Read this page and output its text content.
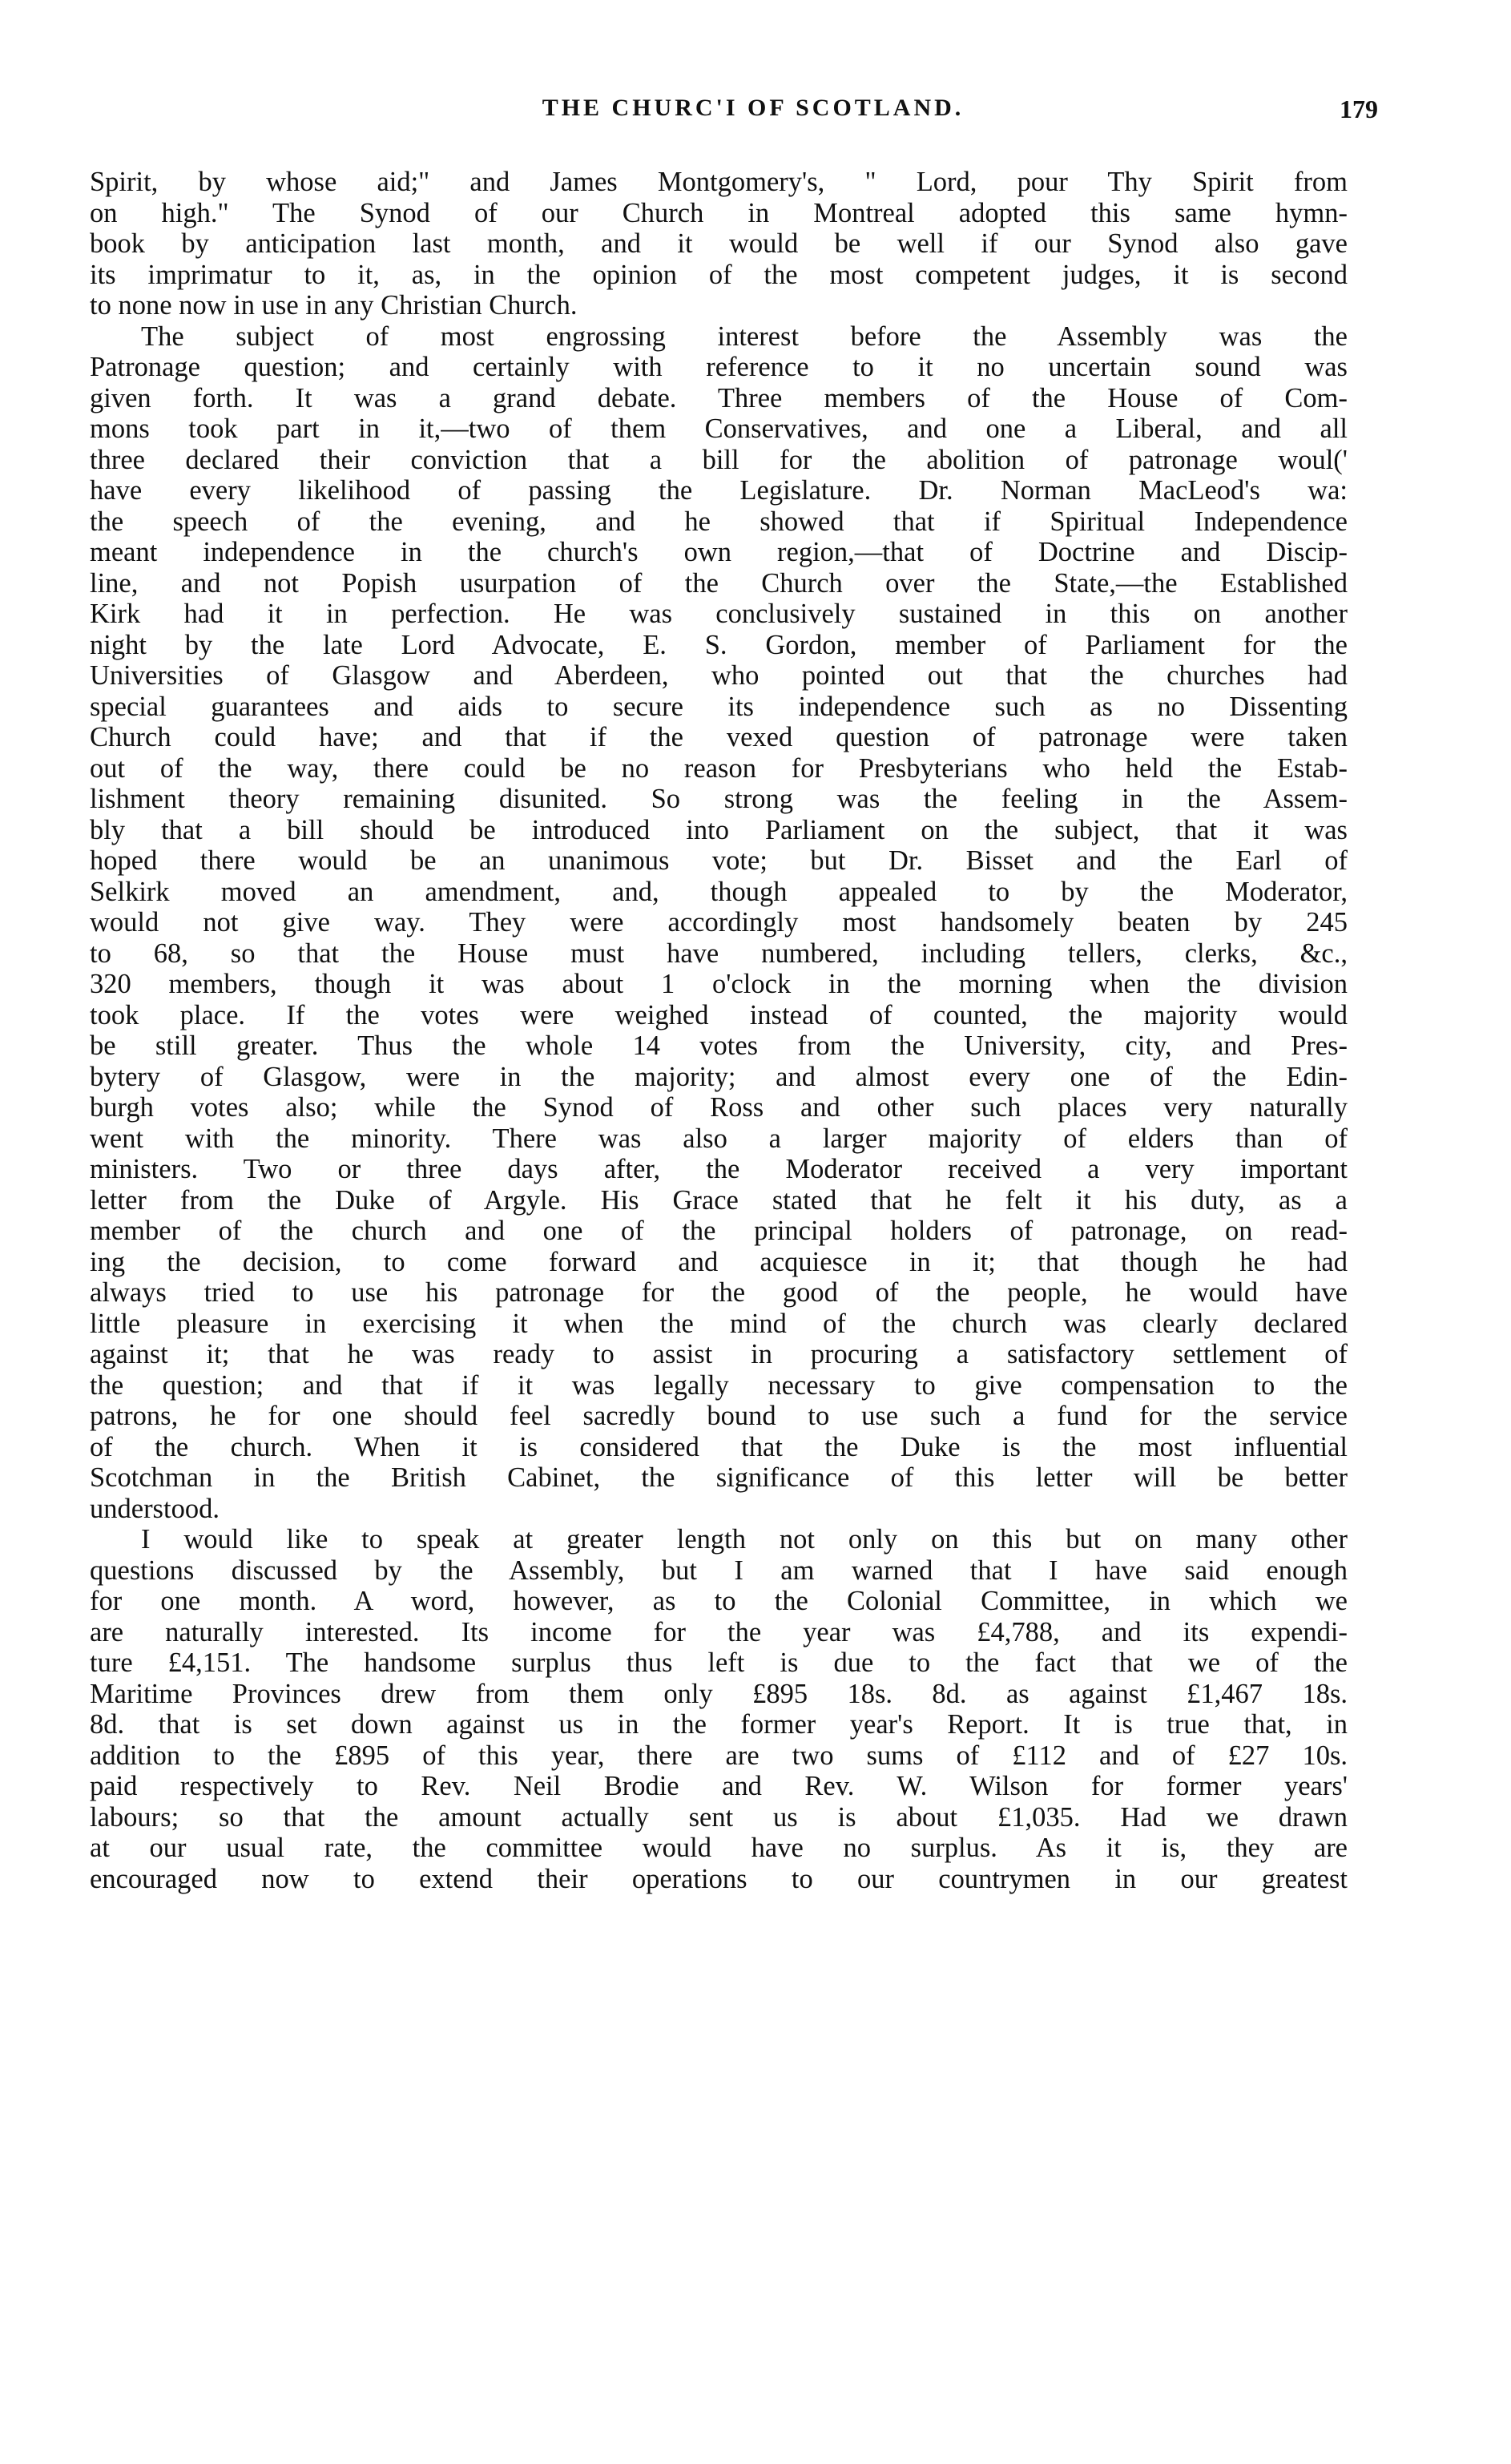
THE CHURC'I OF SCOTLAND.	179
Spirit, by whose aid;" and James Montgomery's, " Lord, pour Thy Spirit from
on high." The Synod of our Church in Montreal adopted this same hymn-
book by anticipation last month, and it would be well if our Synod also gave
its imprimatur to it, as, in the opinion of the most competent judges, it is second
to none now in use in any Christian Church.
The subject of most engrossing interest before the Assembly was the
Patronage question; and certainly with reference to it no uncertain sound was
given forth. It was a grand debate. Three members of the House of Com-
mons took part in it,—two of them Conservatives, and one a Liberal, and all
three declared their conviction that a bill for the abolition of patronage woul('
have every likelihood of passing the Legislature. Dr. Norman MacLeod's wa:
the speech of the evening, and he showed that if Spiritual Independence
meant independence in the church's own region,—that of Doctrine and Discip-
line, and not Popish usurpation of the Church over the State,—the Established
Kirk had it in perfection. He was conclusively sustained in this on another
night by the late Lord Advocate, E. S. Gordon, member of Parliament for the
Universities of Glasgow and Aberdeen, who pointed out that the churches had
special guarantees and aids to secure its independence such as no Dissenting
Church could have; and that if the vexed question of patronage were taken
out of the way, there could be no reason for Presbyterians who held the Estab-
lishment theory remaining disunited. So strong was the feeling in the Assem-
bly that a bill should be introduced into Parliament on the subject, that it was
hoped there would be an unanimous vote; but Dr. Bisset and the Earl of
Selkirk moved an amendment, and, though appealed to by the Moderator,
would not give way. They were accordingly most handsomely beaten by 245
to 68, so that the House must have numbered, including tellers, clerks, &c.,
320 members, though it was about 1 o'clock in the morning when the division
took place. If the votes were weighed instead of counted, the majority would
be still greater. Thus the whole 14 votes from the University, city, and Pres-
bytery of Glasgow, were in the majority; and almost every one of the Edin-
burgh votes also; while the Synod of Ross and other such places very naturally
went with the minority. There was also a larger majority of elders than of
ministers. Two or three days after, the Moderator received a very important
letter from the Duke of Argyle. His Grace stated that he felt it his duty, as a
member of the church and one of the principal holders of patronage, on read-
ing the decision, to come forward and acquiesce in it; that though he had
always tried to use his patronage for the good of the people, he would have
little pleasure in exercising it when the mind of the church was clearly declared
against it; that he was ready to assist in procuring a satisfactory settlement of
the question; and that if it was legally necessary to give compensation to the
patrons, he for one should feel sacredly bound to use such a fund for the service
of the church. When it is considered that the Duke is the most influential
Scotchman in the British Cabinet, the significance of this letter will be better
understood.
I would like to speak at greater length not only on this but on many other
questions discussed by the Assembly, but I am warned that I have said enough
for one month. A word, however, as to the Colonial Committee, in which we
are naturally interested. Its income for the year was £4,788, and its expendi-
ture £4,151. The handsome surplus thus left is due to the fact that we of the
Maritime Provinces drew from them only £895 18s. 8d. as against £1,467 18s.
8d. that is set down against us in the former year's Report. It is true that, in
addition to the £895 of this year, there are two sums of £112 and of £27 10s.
paid respectively to Rev. Neil Brodie and Rev. W. Wilson for former years'
labours; so that the amount actually sent us is about £1,035. Had we drawn
at our usual rate, the committee would have no surplus. As it is, they are
encouraged now to extend their operations to our countrymen in our greatest
